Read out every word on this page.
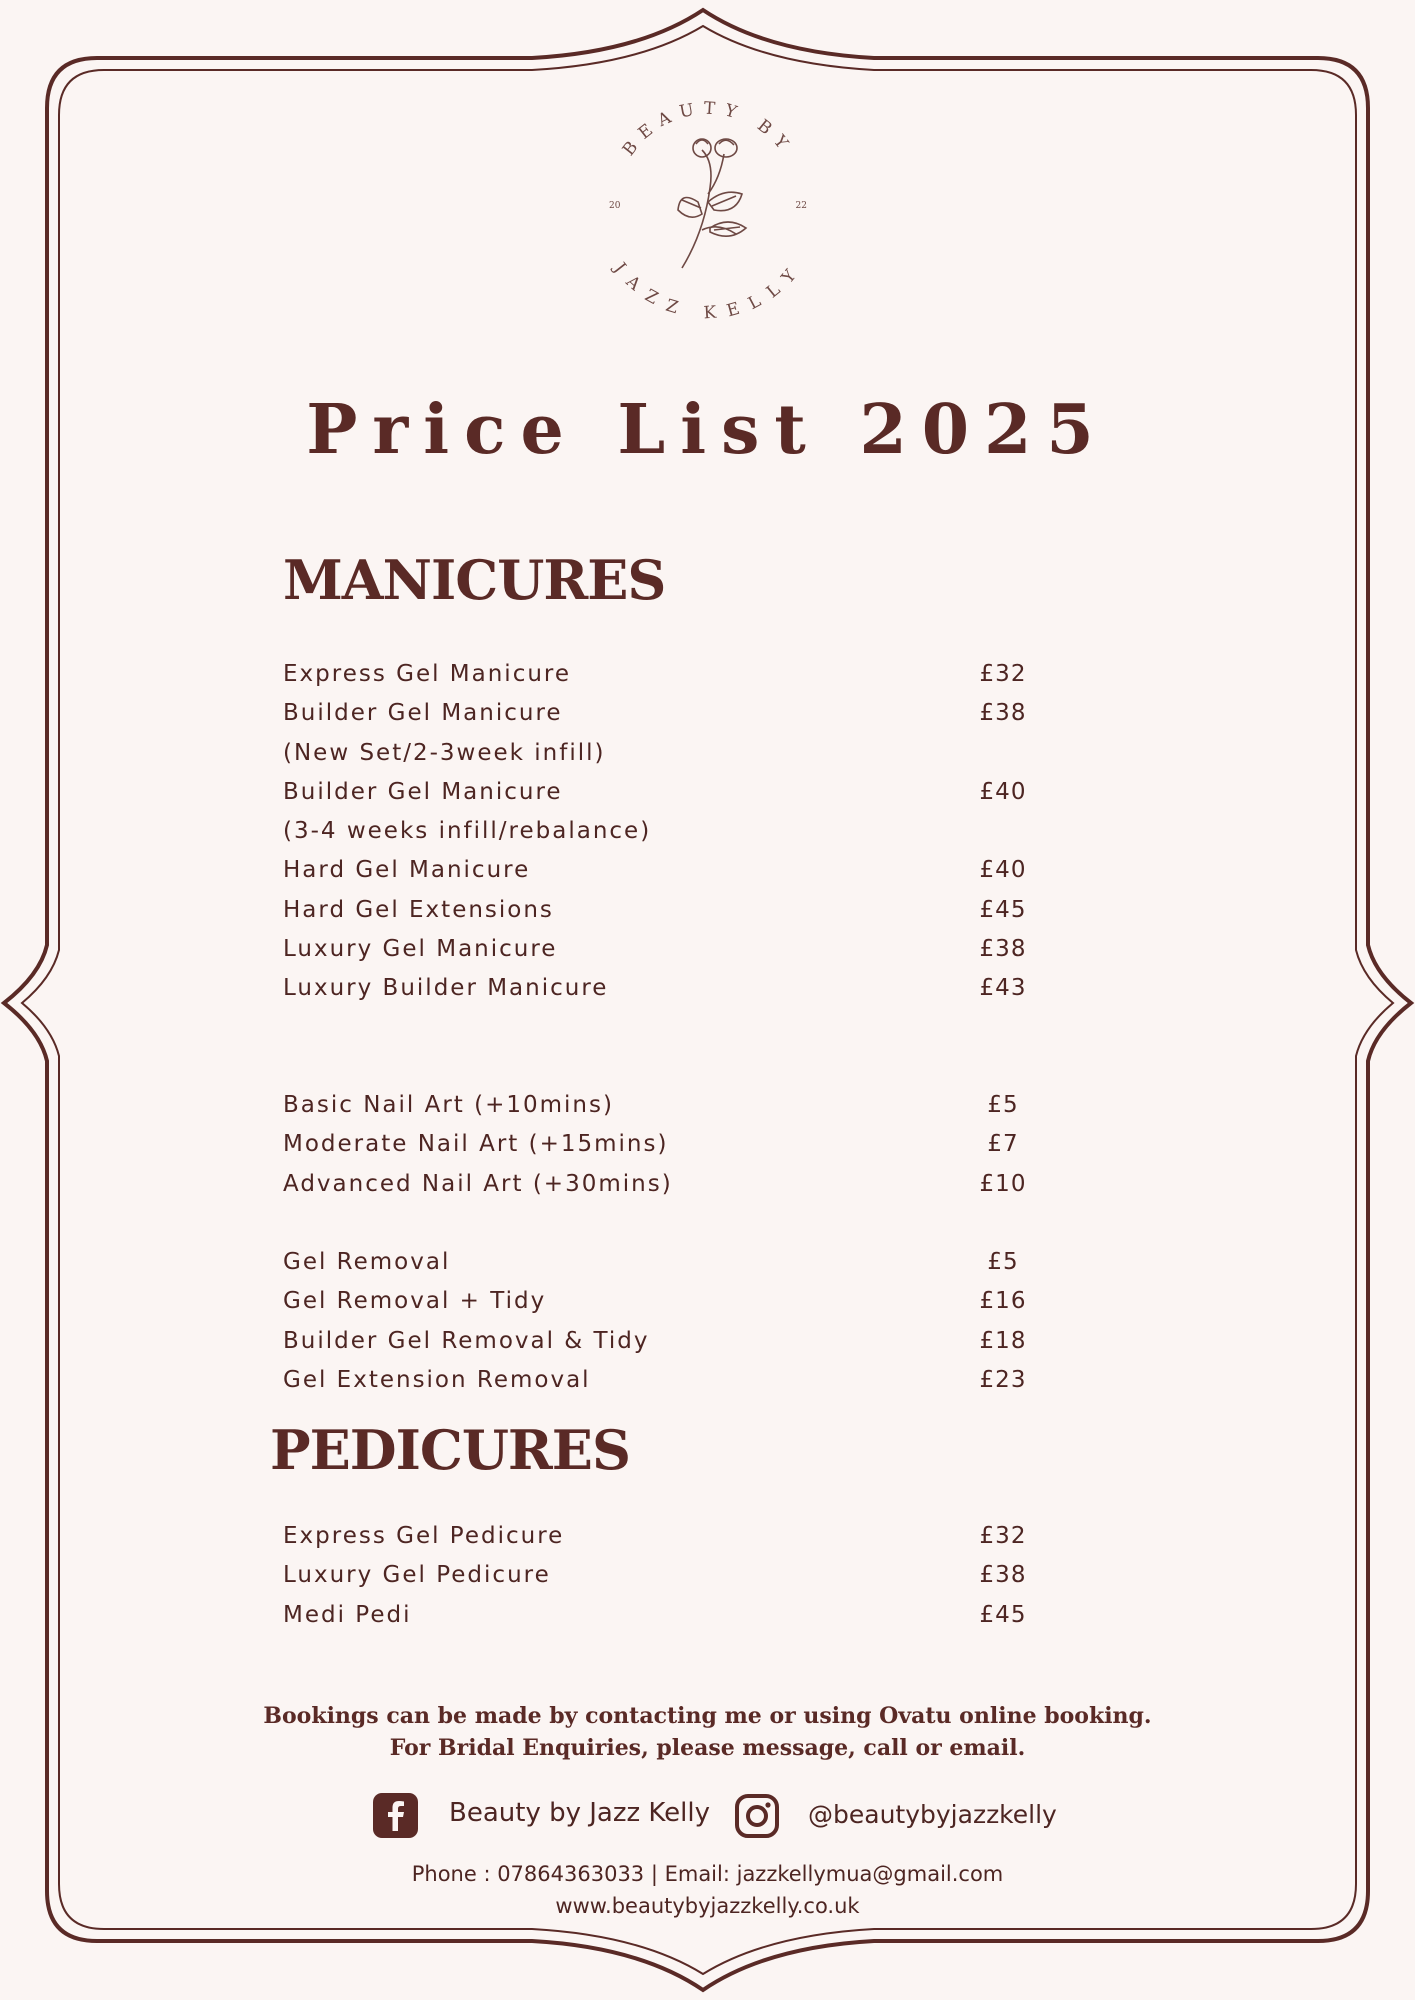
BEAUTY BY
JAZZ KELLY
20	22
Price List 2025
MANICURES
Express Gel Manicure	£32
Builder Gel Manicure	£38
(New Set/2-3week infill)
Builder Gel Manicure	£40
(3-4 weeks infill/rebalance)
Hard Gel Manicure	£40
Hard Gel Extensions	£45
Luxury Gel Manicure	£38
Luxury Builder Manicure	£43
Basic Nail Art (+10mins)	£5
Moderate Nail Art (+15mins)	£7
Advanced Nail Art (+30mins)	£10
Gel Removal	£5
Gel Removal + Tidy	£16
Builder Gel Removal & Tidy	£18
Gel Extension Removal	£23
PEDICURES
Express Gel Pedicure	£32
Luxury Gel Pedicure	£38
Medi Pedi	£45
Bookings can be made by contacting me or using Ovatu online booking.
For Bridal Enquiries, please message, call or email.
Beauty by Jazz Kelly	@beautybyjazzkelly
Phone : 07864363033 | Email: jazzkellymua@gmail.com
www.beautybyjazzkelly.co.uk
